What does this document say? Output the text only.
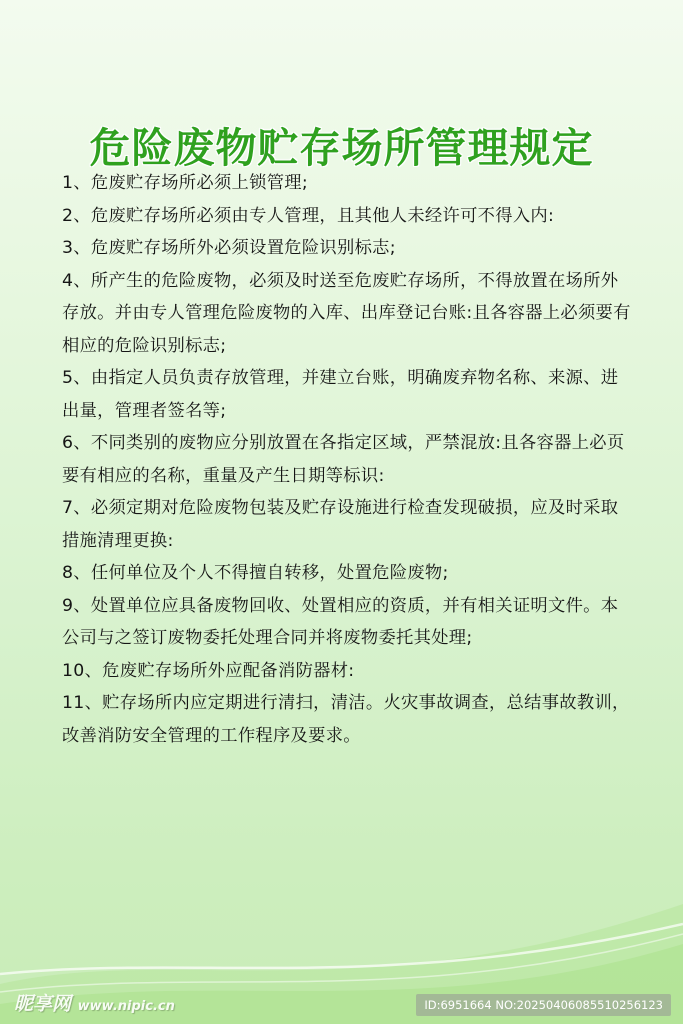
危险废物贮存场所管理规定
1、危废贮存场所必须上锁管理;
2、危废贮存场所必须由专人管理，且其他人未经许可不得入内:
3、危废贮存场所外必须设置危险识别标志;
4、所产生的危险废物，必须及时送至危废贮存场所，不得放置在场所外存放。并由专人管理危险废物的入库、出库登记台账:且各容器上必须要有相应的危险识别标志;
5、由指定人员负责存放管理，并建立台账，明确废弃物名称、来源、进出量，管理者签名等;
6、不同类别的废物应分别放置在各指定区域，严禁混放:且各容器上必页要有相应的名称，重量及产生日期等标识:
7、必须定期对危险废物包装及贮存设施进行检查发现破损，应及时采取措施清理更换:
8、任何单位及个人不得擅自转移，处置危险废物;
9、处置单位应具备废物回收、处置相应的资质，并有相关证明文件。本公司与之签订废物委托处理合同并将废物委托其处理;
10、危废贮存场所外应配备消防器材:
11、贮存场所内应定期进行清扫，清洁。火灾事故调查，总结事故教训，改善消防安全管理的工作程序及要求。
昵享网 www.nipic.cn	ID:6951664 NO:20250406085510256123
